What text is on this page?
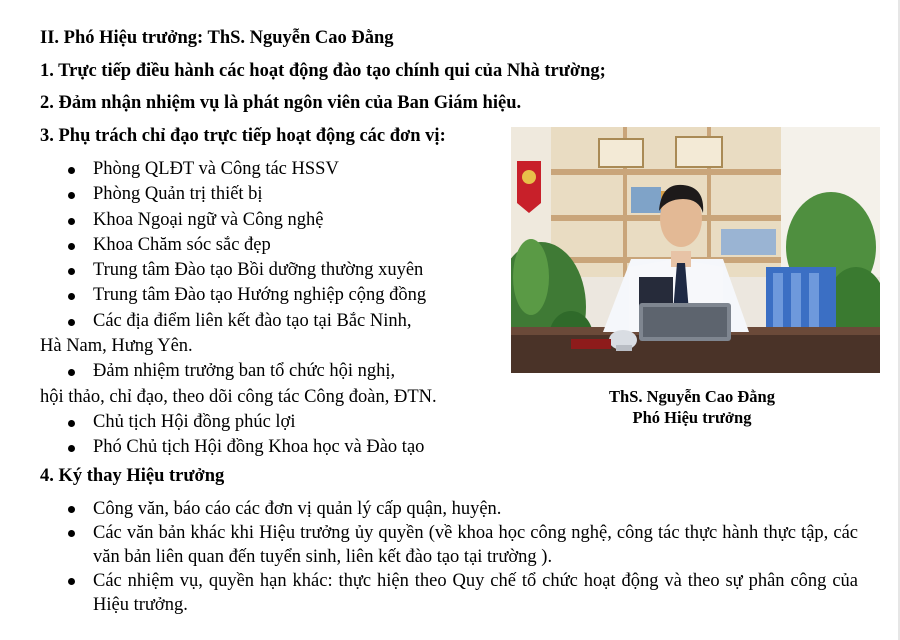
II. Phó Hiệu trưởng: ThS. Nguyễn Cao Đằng

1. Trực tiếp điều hành các hoạt động đào tạo chính qui của Nhà trường;

2. Đảm nhận nhiệm vụ là phát ngôn viên của Ban Giám hiệu.

3. Phụ trách chỉ đạo trực tiếp hoạt động các đơn vị:

Phòng QLĐT và Công tác HSSV
Phòng Quản trị thiết bị
Khoa Ngoại ngữ và Công nghệ
Khoa Chăm sóc sắc đẹp
Trung tâm Đào tạo Bồi dưỡng thường xuyên
Trung tâm Đào tạo Hướng nghiệp cộng đồng
Các địa điểm liên kết đào tạo tại Bắc Ninh,
Hà Nam, Hưng Yên.
Đảm nhiệm trưởng ban tổ chức hội nghị,
hội thảo, chỉ đạo, theo dõi công tác Công đoàn, ĐTN.
Chủ tịch Hội đồng phúc lợi
Phó Chủ tịch Hội đồng Khoa học và Đào tạo
ThS. Nguyễn Cao Đằng
Phó Hiệu trưởng

4. Ký thay Hiệu trưởng

Công văn, báo cáo các đơn vị quản lý cấp quận, huyện.
Các văn bản khác khi Hiệu trưởng ủy quyền (về khoa học công nghệ, công tác thực hành thực tập, các văn bản liên quan đến tuyển sinh, liên kết đào tạo tại trường ).
Các nhiệm vụ, quyền hạn khác: thực hiện theo Quy chế tổ chức hoạt động và theo sự phân công của Hiệu trưởng.
